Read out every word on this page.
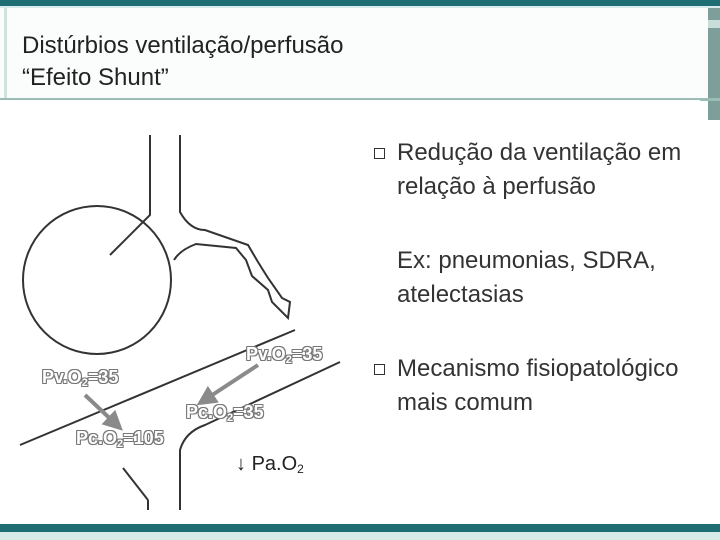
Distúrbios ventilação/perfusão
“Efeito Shunt”
$Pv.O_2=35$
$Pv.O_2=35$
$Pc.O_2=105$
$Pc.O_2=35$
↓ $Pa.O_2$
Redução da ventilação em relação à perfusão
Ex: pneumonias, SDRA, atelectasias
Mecanismo fisiopatológico mais comum
